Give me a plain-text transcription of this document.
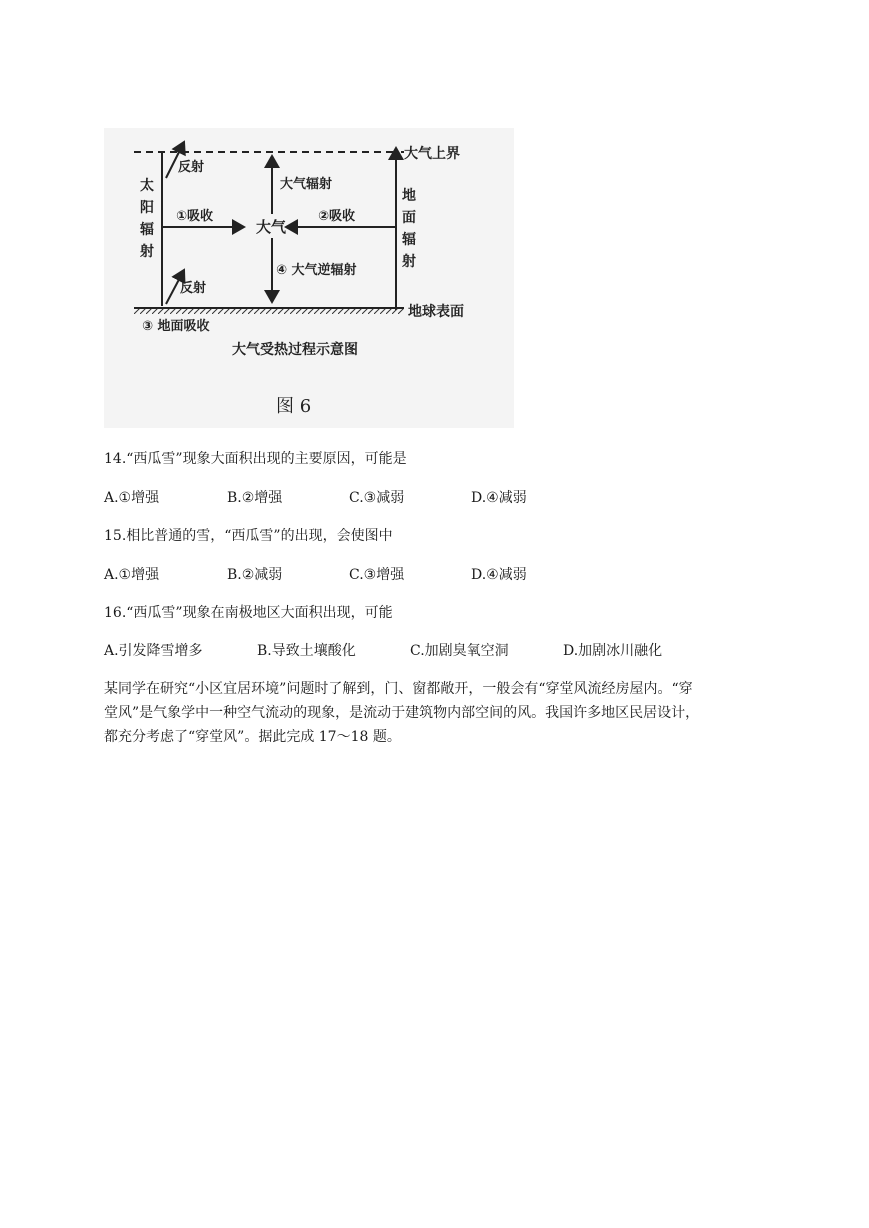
大气上界
太
阳
辐
射
反射
①吸收
大气
②吸收
大气辐射
④ 大气逆辐射
地
面
辐
射
反射
地球表面
③ 地面吸收
大气受热过程示意图
图 6
14.“西瓜雪”现象大面积出现的主要原因，可能是
A.①增强	B.②增强	C.③减弱	D.④减弱
15.相比普通的雪，“西瓜雪”的出现，会使图中
A.①增强	B.②减弱	C.③增强	D.④减弱
16.“西瓜雪”现象在南极地区大面积出现，可能
A.引发降雪增多	B.导致土壤酸化	C.加剧臭氧空洞	D.加剧冰川融化
某同学在研究“小区宜居环境”问题时了解到，门、窗都敞开，一般会有“穿堂风流经房屋内。“穿
堂风”是气象学中一种空气流动的现象，是流动于建筑物内部空间的风。我国许多地区民居设计，
都充分考虑了“穿堂风”。据此完成 17～18 题。
